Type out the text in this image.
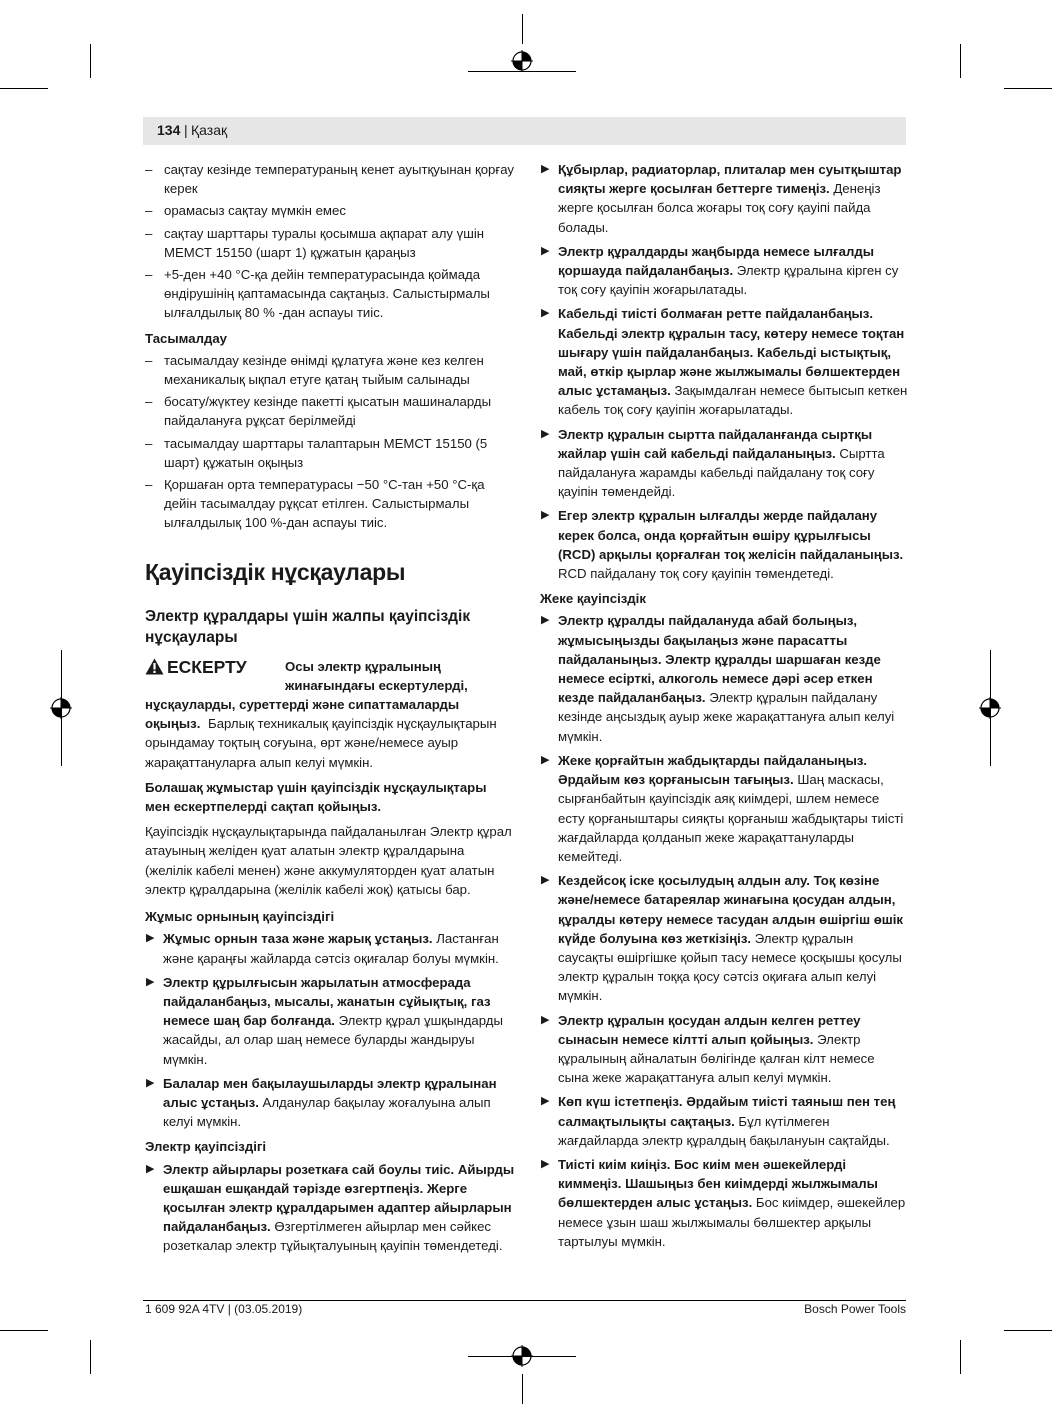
134 | Қазақ
– сақтау кезінде температураның кенет ауытқуынан қорғау керек
– орамасыз сақтау мүмкін емес
– сақтау шарттары туралы қосымша ақпарат алу үшін МЕМСТ 15150 (шарт 1) құжатын қараңыз
– +5-ден +40 °C-қа дейін температурасында қоймада өндірушінің қаптамасында сақтаңыз. Салыстырмалы ылғалдылық 80 % -дан аспауы тиіс.
Тасымалдау
– тасымалдау кезінде өнімді құлатуға және кез келген механикалық ықпал етуге қатаң тыйым салынады
– босату/жүктеу кезінде пакетті қысатын машиналарды пайдалануға рұқсат берілмейді
– тасымалдау шарттары талаптарын МЕМСТ 15150 (5 шарт) құжатын оқыңыз
– Қоршаған орта температурасы −50 °C-тан +50 °C-қа дейін тасымалдау рұқсат етілген. Салыстырмалы ылғалдылық 100 %-дан аспауы тиіс.
Қауіпсіздік нұсқаулары
Электр құралдары үшін жалпы қауіпсіздік нұсқаулары
ЕСКЕРТУ	Осы электр құралының
жинағындағы ескертулерді,
нұсқауларды, суреттерді және сипаттамаларды оқыңыз. Барлық техникалық қауіпсіздік нұсқаулықтарын орындамау тоқтың соғуына, өрт және/немесе ауыр жарақаттануларға алып келуі мүмкін.
Болашақ жұмыстар үшін қауіпсіздік нұсқаулықтары мен ескертпелерді сақтап қойыңыз.
Қауіпсіздік нұсқаулықтарында пайдаланылған Электр құрал атауының желіден қуат алатын электр құралдарына (желілік кабелі менен) және аккумуляторден қуат алатын электр құралдарына (желілік кабелі жоқ) қатысы бар.
Жұмыс орнының қауіпсіздігі
▶ Жұмыс орнын таза және жарық ұстаңыз. Ластанған және қараңғы жайларда сәтсіз оқиғалар болуы мүмкін.
▶ Электр құрылғысын жарылатын атмосферада пайдаланбаңыз, мысалы, жанатын сұйықтық, газ немесе шаң бар болғанда. Электр құрал ұшқындарды жасайды, ал олар шаң немесе буларды жандыруы мүмкін.
▶ Балалар мен бақылаушыларды электр құралынан алыс ұстаңыз. Алданулар бақылау жоғалуына алып келуі мүмкін.
Электр қауіпсіздігі
▶ Электр айырлары розеткаға сай боулы тиіс. Айырды ешқашан ешқандай тәрізде өзгертпеңіз. Жерге қосылған электр құралдарымен адаптер айырларын пайдаланбаңыз. Өзгертілмеген айырлар мен сәйкес розеткалар электр тұйықталуының қауіпін төмендетеді.
▶ Құбырлар, радиаторлар, плиталар мен суытқыштар сияқты жерге қосылған беттерге тимеңіз. Денеңіз жерге қосылған болса жоғары тоқ соғу қауіпі пайда болады.
▶ Электр құралдарды жаңбырда немесе ылғалды қоршауда пайдаланбаңыз. Электр құралына кірген су тоқ соғу қауіпін жоғарылатады.
▶ Кабельді тиісті болмаған ретте пайдаланбаңыз. Кабельді электр құралын тасу, көтеру немесе тоқтан шығару үшін пайдаланбаңыз. Кабельді ыстықтық, май, өткір қырлар және жылжымалы бөлшектерден алыс ұстамаңыз. Зақымдалған немесе бытысып кеткен кабель тоқ соғу қауіпін жоғарылатады.
▶ Электр құралын сыртта пайдаланғанда сыртқы жайлар үшін сай кабельді пайдаланыңыз. Сыртта пайдалануға жарамды кабельді пайдалану тоқ соғу қауіпін төмендейді.
▶ Егер электр құралын ылғалды жерде пайдалану керек болса, онда қорғайтын өшіру құрылғысы (RCD) арқылы қорғалған тоқ желісін пайдаланыңыз. RCD пайдалану тоқ соғу қауіпін төмендетеді.
Жеке қауіпсіздік
▶ Электр құралды пайдалануда абай болыңыз, жұмысыңызды бақылаңыз және парасатты пайдаланыңыз. Электр құралды шаршаған кезде немесе есірткі, алкоголь немесе дәрі әсер еткен кезде пайдаланбаңыз. Электр құралын пайдалану кезінде аңсыздық ауыр жеке жарақаттануға алып келуі мүмкін.
▶ Жеке қорғайтын жабдықтарды пайдаланыңыз. Әрдайым көз қорғанысын тағыңыз. Шаң маскасы, сырғанбайтын қауіпсіздік аяқ киімдері, шлем немесе есту қорғаныштары сияқты қорғаныш жабдықтары тиісті жағдайларда қолданып жеке жарақаттануларды кемейтеді.
▶ Кездейсоқ іске қосылудың алдын алу. Тоқ көзіне және/немесе батареялар жинағына қосудан алдын, құралды көтеру немесе тасудан алдын өшіргіш өшік күйде болуына көз жеткізіңіз. Электр құралын саусақты өшіргішке қойып тасу немесе қосқышы қосулы электр құралын тоққа қосу сәтсіз оқиғаға алып келуі мүмкін.
▶ Электр құралын қосудан алдын келген реттеу сынасын немесе кілтті алып қойыңыз. Электр құралының айналатын бөлігінде қалған кілт немесе сына жеке жарақаттануға алып келуі мүмкін.
▶ Көп күш істетпеңіз. Әрдайым тиісті таяныш пен тең салмақтылықты сақтаңыз. Бұл күтілмеген жағдайларда электр құралдың бақылануын сақтайды.
▶ Тиісті киім киіңіз. Бос киім мен әшекейлерді киммеңіз. Шашыңыз бен киімдерді жылжымалы бөлшектерден алыс ұстаңыз. Бос киімдер, әшекейлер немесе ұзын шаш жылжымалы бөлшектер арқылы тартылуы мүмкін.
1 609 92A 4TV | (03.05.2019)	Bosch Power Tools
